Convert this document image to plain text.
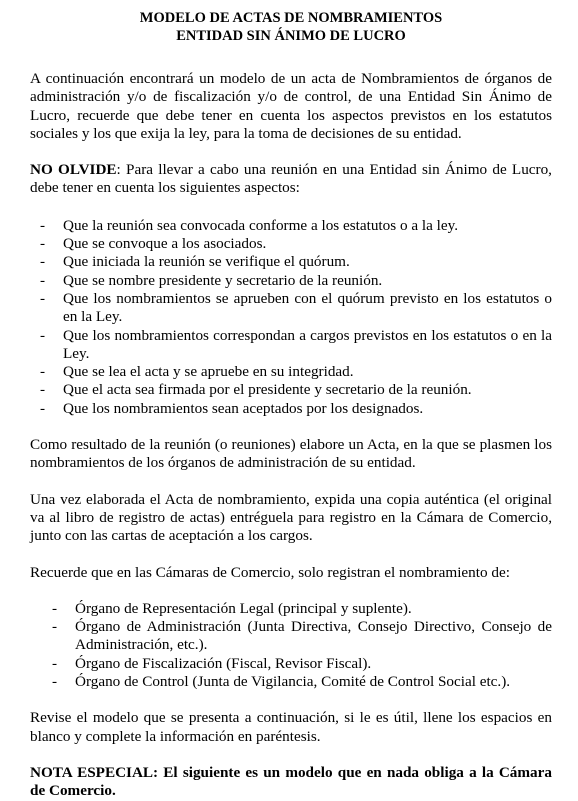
MODELO DE ACTAS DE NOMBRAMIENTOS
ENTIDAD SIN ÁNIMO DE LUCRO

A continuación encontrará un modelo de un acta de Nombramientos de órganos de administración y/o de fiscalización y/o de control, de una Entidad Sin Ánimo de Lucro, recuerde que debe tener en cuenta los aspectos previstos en los estatutos sociales y los que exija la ley, para la toma de decisiones de su entidad.

NO OLVIDE: Para llevar a cabo una reunión en una Entidad sin Ánimo de Lucro, debe tener en cuenta los siguientes aspectos:

- Que la reunión sea convocada conforme a los estatutos o a la ley.
- Que se convoque a los asociados.
- Que iniciada la reunión se verifique el quórum.
- Que se nombre presidente y secretario de la reunión.
- Que los nombramientos se aprueben con el quórum previsto en los estatutos o en la Ley.
- Que los nombramientos correspondan a cargos previstos en los estatutos o en la Ley.
- Que se lea el acta y se apruebe en su integridad.
- Que el acta sea firmada por el presidente y secretario de la reunión.
- Que los nombramientos sean aceptados por los designados.

Como resultado de la reunión (o reuniones) elabore un Acta, en la que se plasmen los nombramientos de los órganos de administración de su entidad.

Una vez elaborada el Acta de nombramiento, expida una copia auténtica (el original va al libro de registro de actas) entréguela para registro en la Cámara de Comercio, junto con las cartas de aceptación a los cargos.

Recuerde que en las Cámaras de Comercio, solo registran el nombramiento de:

- Órgano de Representación Legal (principal y suplente).
- Órgano de Administración (Junta Directiva, Consejo Directivo, Consejo de Administración, etc.).
- Órgano de Fiscalización (Fiscal, Revisor Fiscal).
- Órgano de Control (Junta de Vigilancia, Comité de Control Social etc.).

Revise el modelo que se presenta a continuación, si le es útil, llene los espacios en blanco y complete la información en paréntesis.

NOTA ESPECIAL: El siguiente es un modelo que en nada obliga a la Cámara de Comercio.
